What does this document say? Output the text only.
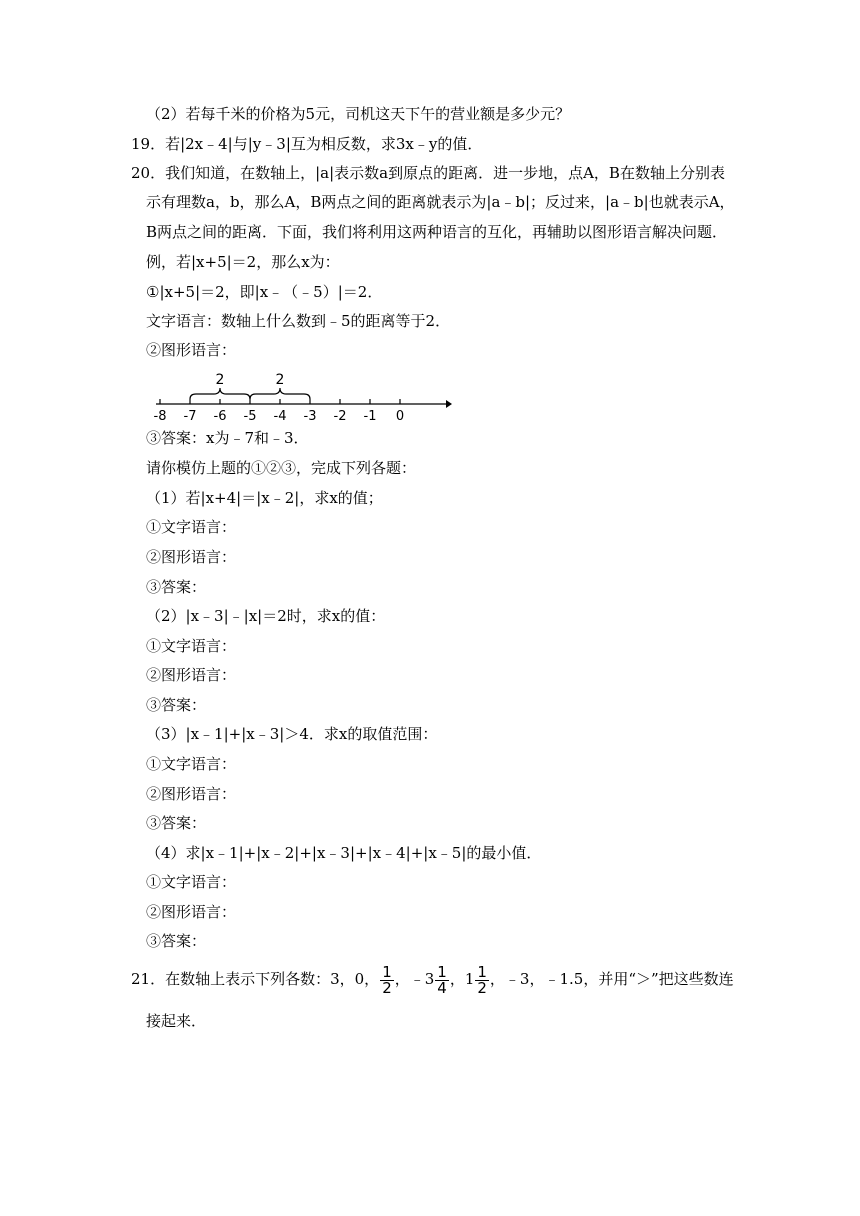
（2）若每千米的价格为5元，司机这天下午的营业额是多少元？
19．若|2x﹣4|与|y﹣3|互为相反数，求3x﹣y的值．
20．我们知道，在数轴上，|a|表示数a到原点的距离．进一步地，点A，B在数轴上分别表
示有理数a，b，那么A，B两点之间的距离就表示为|a﹣b|；反过来，|a﹣b|也就表示A，
B两点之间的距离．下面，我们将利用这两种语言的互化，再辅助以图形语言解决问题．
例，若|x+5|＝2，那么x为：
①|x+5|＝2，即|x﹣（﹣5）|＝2．
文字语言：数轴上什么数到﹣5的距离等于2．
②图形语言：
2	2
-8 -7 -6 -5 -4 -3 -2 -1 0
③答案：x为﹣7和﹣3．
请你模仿上题的①②③，完成下列各题：
（1）若|x+4|＝|x﹣2|，求x的值；
①文字语言：
②图形语言：
③答案：
（2）|x﹣3|﹣|x|＝2时，求x的值：
①文字语言：
②图形语言：
③答案：
（3）|x﹣1|+|x﹣3|＞4．求x的取值范围：
①文字语言：
②图形语言：
③答案：
（4）求|x﹣1|+|x﹣2|+|x﹣3|+|x﹣4|+|x﹣5|的最小值．
①文字语言：
②图形语言：
③答案：
21．在数轴上表示下列各数：3，0， $\frac{1}{2}$ ，﹣3 $\frac{1}{4}$ ，$1 \frac{1}{2}$ ，﹣3，﹣1.5，并用“＞”把这些数连
接起来．
